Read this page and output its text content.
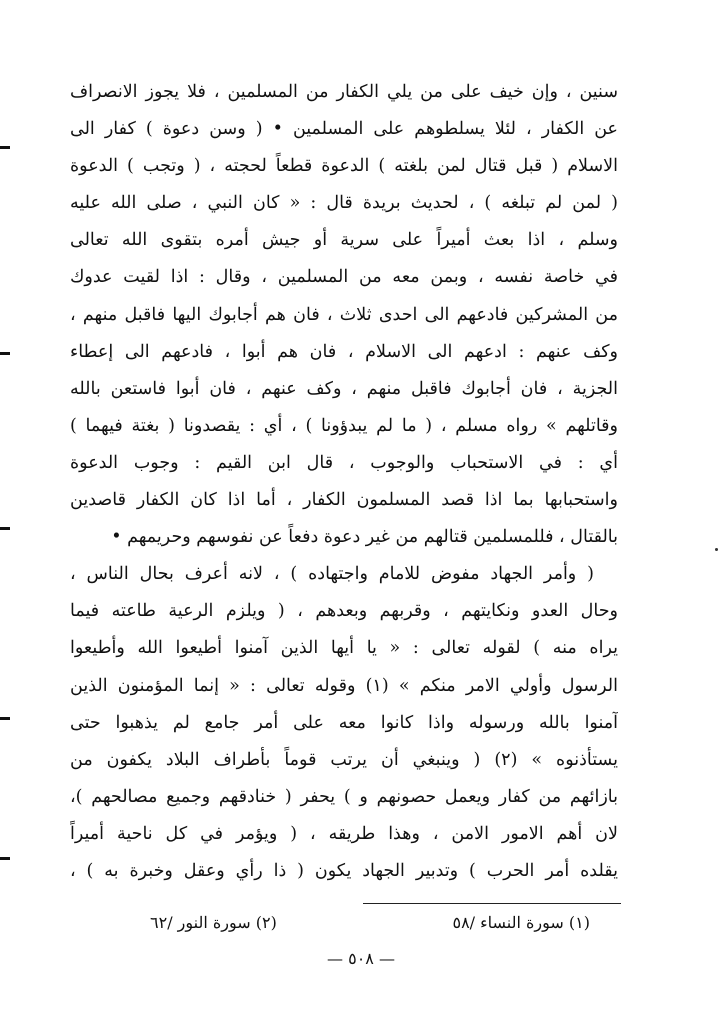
سنين ، وإن خيف على من يلي الكفار من المسلمين ، فلا يجوز الانصراف
عن الكفار ، لئلا يسلطوهم على المسلمين • ( وسن دعوة ) كفار الى
الاسلام ( قبل قتال لمن بلغته ) الدعوة قطعاً لحجته ، ( وتجب ) الدعوة
( لمن لم تبلغه ) ، لحديث بريدة قال : « كان النبي ، صلى الله عليه
وسلم ، اذا بعث أميراً على سرية أو جيش أمره بتقوى الله تعالى
في خاصة نفسه ، وبمن معه من المسلمين ، وقال : اذا لقيت عدوك
من المشركين فادعهم الى احدى ثلاث ، فان هم أجابوك اليها فاقبل منهم ،
وكف عنهم : ادعهم الى الاسلام ، فان هم أبوا ، فادعهم الى إعطاء
الجزية ، فان أجابوك فاقبل منهم ، وكف عنهم ، فان أبوا فاستعن بالله
وقاتلهم » رواه مسلم ، ( ما لم يبدؤونا ) ، أي : يقصدونا ( بغتة فيهما )
أي : في الاستحباب والوجوب ، قال ابن القيم : وجوب الدعوة
واستحبابها بما اذا قصد المسلمون الكفار ، أما اذا كان الكفار قاصدين
بالقتال ، فللمسلمين قتالهم من غير دعوة دفعاً عن نفوسهم وحريمهم •
( وأمر الجهاد مفوض للامام واجتهاده ) ، لانه أعرف بحال الناس ،
وحال العدو ونكايتهم ، وقربهم وبعدهم ، ( ويلزم الرعية طاعته فيما
يراه منه ) لقوله تعالى : « يا أيها الذين آمنوا أطيعوا الله وأطيعوا
الرسول وأولي الامر منكم » (١) وقوله تعالى : « إنما المؤمنون الذين
آمنوا بالله ورسوله واذا كانوا معه على أمر جامع لم يذهبوا حتى
يستأذنوه » (٢) ( وينبغي أن يرتب قوماً بأطراف البلاد يكفون من
بازائهم من كفار ويعمل حصونهم و ) يحفر ( خنادقهم وجميع مصالحهم )،
لان أهم الامور الامن ، وهذا طريقه ، ( ويؤمر في كل ناحية أميراً
يقلده أمر الحرب ) وتدبير الجهاد يكون ( ذا رأي وعقل وخبرة به ) ،
(١) سورة النساء /٥٨
(٢) سورة النور /٦٢
— ٥٠٨ —
